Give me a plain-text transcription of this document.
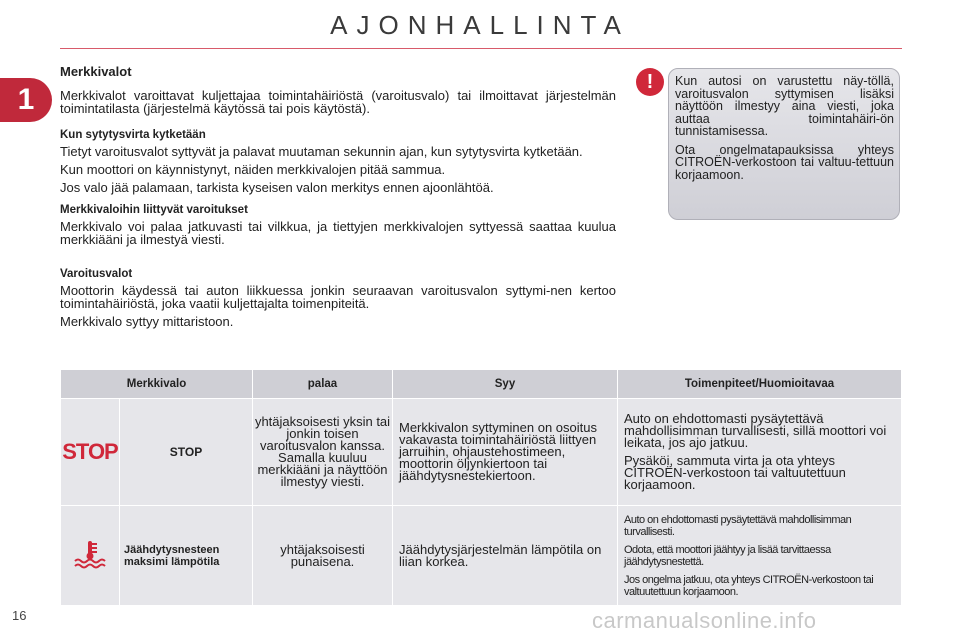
AJONHALLINTA
1
Merkkivalot

Merkkivalot varoittavat kuljettajaa toimintahäiriöstä (varoitusvalo) tai ilmoittavat järjestelmän toimintatilasta (järjestelmä käytössä tai pois käytöstä).

Kun sytytysvirta kytketään

Tietyt varoitusvalot syttyvät ja palavat muutaman sekunnin ajan, kun sytytysvirta kytketään.

Kun moottori on käynnistynyt, näiden merkkivalojen pitää sammua.

Jos valo jää palamaan, tarkista kyseisen valon merkitys ennen ajoonlähtöä.

Merkkivaloihin liittyvät varoitukset

Merkkivalo voi palaa jatkuvasti tai vilkkua, ja tiettyjen merkkivalojen syttyessä saattaa kuulua merkkiääni ja ilmestyä viesti.

Varoitusvalot

Moottorin käydessä tai auton liikkuessa jonkin seuraavan varoitusvalon syttymi-nen kertoo toimintahäiriöstä, joka vaatii kuljettajalta toimenpiteitä.

Merkkivalo syttyy mittaristoon.

!	Kun autosi on varustettu näy-töllä, varoitusvalon syttymisen lisäksi näyttöön ilmestyy aina viesti, joka auttaa toimintahäiri-ön tunnistamisessa.

Ota ongelmatapauksissa yhteys CITROËN-verkostoon tai valtuu-tettuun korjaamoon.

Merkkivalo		palaa	Syy	Toimenpiteet/Huomioitavaa
STOP	STOP	yhtäjaksoisesti yksin tai jonkin toisen varoitusvalon kanssa. Samalla kuuluu merkkiääni ja näyttöön ilmestyy viesti.	Merkkivalon syttyminen on osoitus vakavasta toimintahäiriöstä liittyen jarruihin, ohjaustehostimeen, moottorin öljynkiertoon tai jäähdytysnestekiertoon.	Auto on ehdottomasti pysäytettävä mahdollisimman turvallisesti, sillä moottori voi leikata, jos ajo jatkuu.

Pysäköi, sammuta virta ja ota yhteys CITROËN-verkostoon tai valtuutettuun korjaamoon.

	Jäähdytysnesteen maksimi lämpötila	yhtäjaksoisesti punaisena.	Jäähdytysjärjestelmän lämpötila on liian korkea.	Auto on ehdottomasti pysäytettävä mahdollisimman turvallisesti.

Odota, että moottori jäähtyy ja lisää tarvittaessa jäähdytysnestettä.

Jos ongelma jatkuu, ota yhteys CITROËN-verkostoon tai valtuutettuun korjaamoon.

16	carmanualsonline.info
